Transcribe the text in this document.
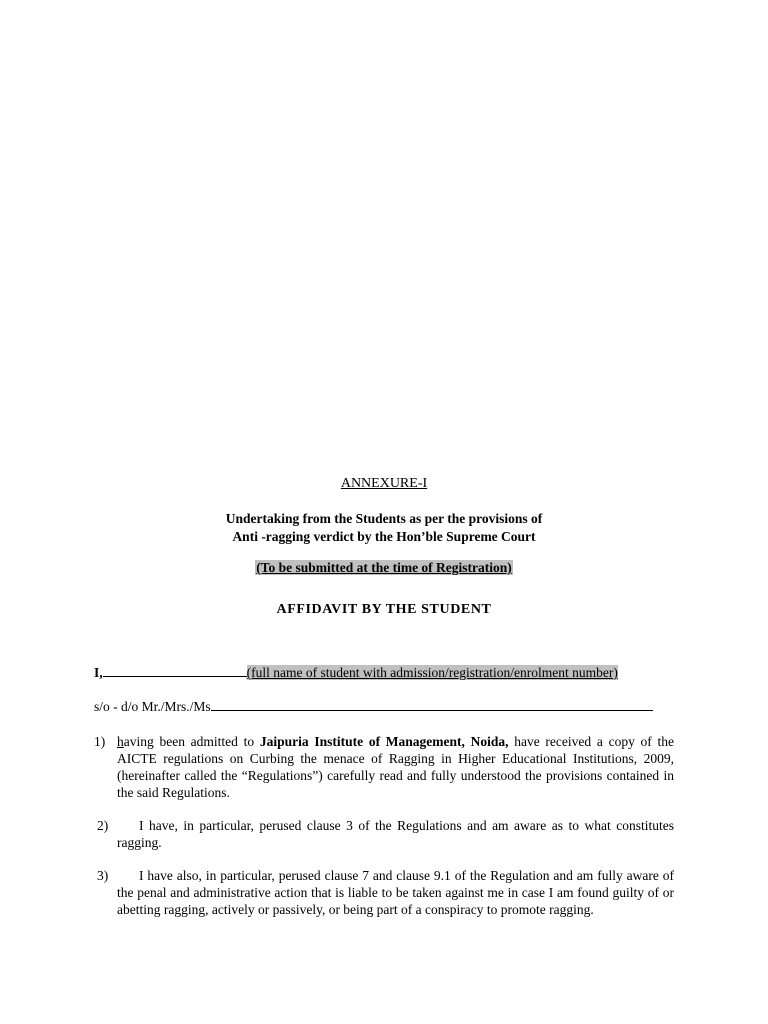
ANNEXURE-I
Undertaking from the Students as per the provisions of
Anti -ragging verdict by the Hon’ble Supreme Court
(To be submitted at the time of Registration)
AFFIDAVIT BY THE STUDENT
I,	(full name of student with admission/registration/enrolment number)
s/o - d/o Mr./Mrs./Ms
1) having been admitted to Jaipuria Institute of Management, Noida, have received a copy of the AICTE regulations on Curbing the menace of Ragging in Higher Educational Institutions, 2009, (hereinafter called the “Regulations”) carefully read and fully understood the provisions contained in the said Regulations.
2)	I have, in particular, perused clause 3 of the Regulations and am aware as to what constitutes ragging.
3)	I have also, in particular, perused clause 7 and clause 9.1 of the Regulation and am fully aware of the penal and administrative action that is liable to be taken against me in case I am found guilty of or abetting ragging, actively or passively, or being part of a conspiracy to promote ragging.
